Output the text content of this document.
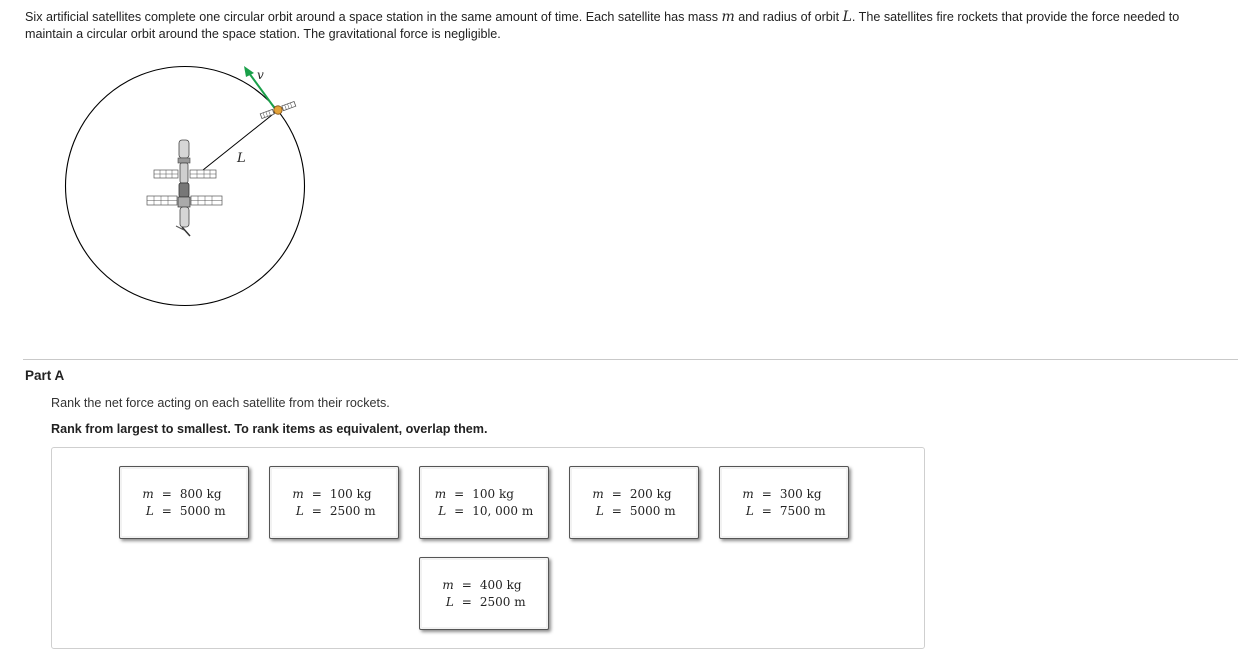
Six artificial satellites complete one circular orbit around a space station in the same amount of time. Each satellite has mass m and radius of orbit L. The satellites fire rockets that provide the force needed to maintain a circular orbit around the space station. The gravitational force is negligible.
L
v
Part A
Rank the net force acting on each satellite from their rockets.
Rank from largest to smallest. To rank items as equivalent, overlap them.
m	=	800 kg
L	=	5000 m
m	=	100 kg
L	=	2500 m
m	=	100 kg
L	=	10, 000 m
m	=	200 kg
L	=	5000 m
m	=	300 kg
L	=	7500 m
m	=	400 kg
L	=	2500 m
